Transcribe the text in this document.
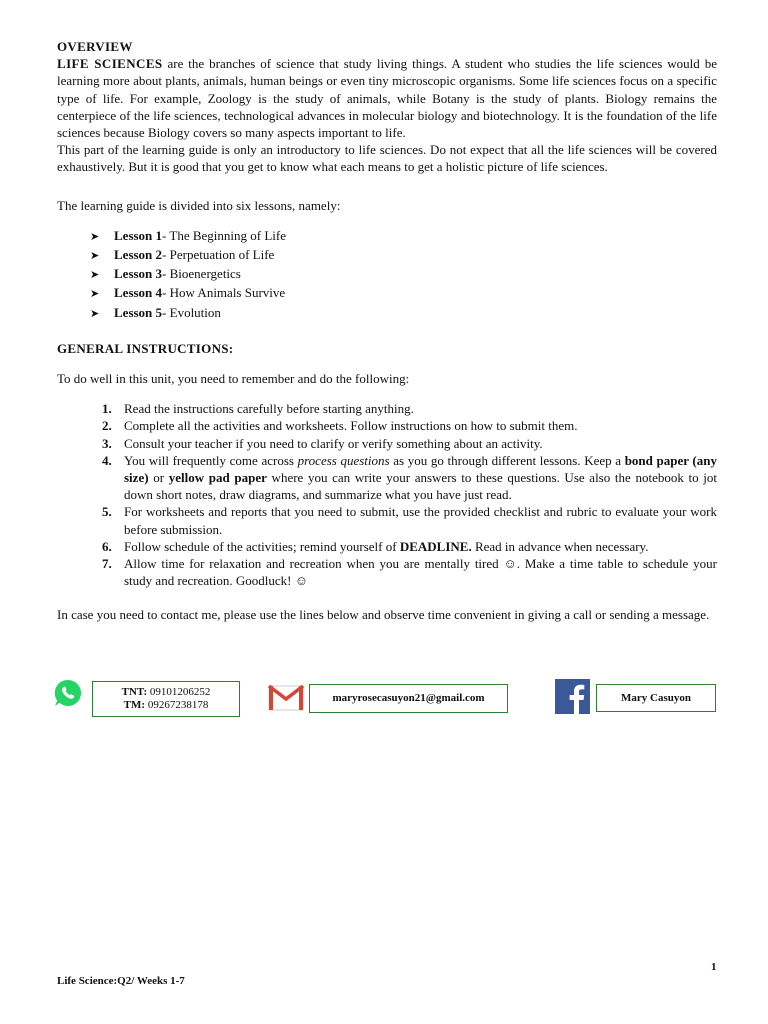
OVERVIEW

LIFE SCIENCES are the branches of science that study living things. A student who studies the life sciences would be learning more about plants, animals, human beings or even tiny microscopic organisms. Some life sciences focus on a specific type of life. For example, Zoology is the study of animals, while Botany is the study of plants. Biology remains the centerpiece of the life sciences, technological advances in molecular biology and biotechnology. It is the foundation of the life sciences because Biology covers so many aspects important to life.

This part of the learning guide is only an introductory to life sciences. Do not expect that all the life sciences will be covered exhaustively. But it is good that you get to know what each means to get a holistic picture of life sciences.

The learning guide is divided into six lessons, namely:

➤	Lesson 1 - The Beginning of Life
➤	Lesson 2 - Perpetuation of Life
➤	Lesson 3 - Bioenergetics
➤	Lesson 4 - How Animals Survive
➤	Lesson 5 - Evolution
GENERAL INSTRUCTIONS:

To do well in this unit, you need to remember and do the following:

1. Read the instructions carefully before starting anything.
2. Complete all the activities and worksheets. Follow instructions on how to submit them.
3. Consult your teacher if you need to clarify or verify something about an activity.
4. You will frequently come across process questions as you go through different lessons. Keep a bond paper (any size) or yellow pad paper where you can write your answers to these questions. Use also the notebook to jot down short notes, draw diagrams, and summarize what you have just read.
5. For worksheets and reports that you need to submit, use the provided checklist and rubric to evaluate your work before submission.
6. Follow schedule of the activities; remind yourself of DEADLINE. Read in advance when necessary.
7. Allow time for relaxation and recreation when you are mentally tired ☺. Make a time table to schedule your study and recreation. Goodluck! ☺

In case you need to contact me, please use the lines below and observe time convenient in giving a call or sending a message.

TNT: 09101206252
TM: 09267238178
maryrosecasuyon21@gmail.com	Mary Casuyon
1
Life Science:Q2/ Weeks 1-7
